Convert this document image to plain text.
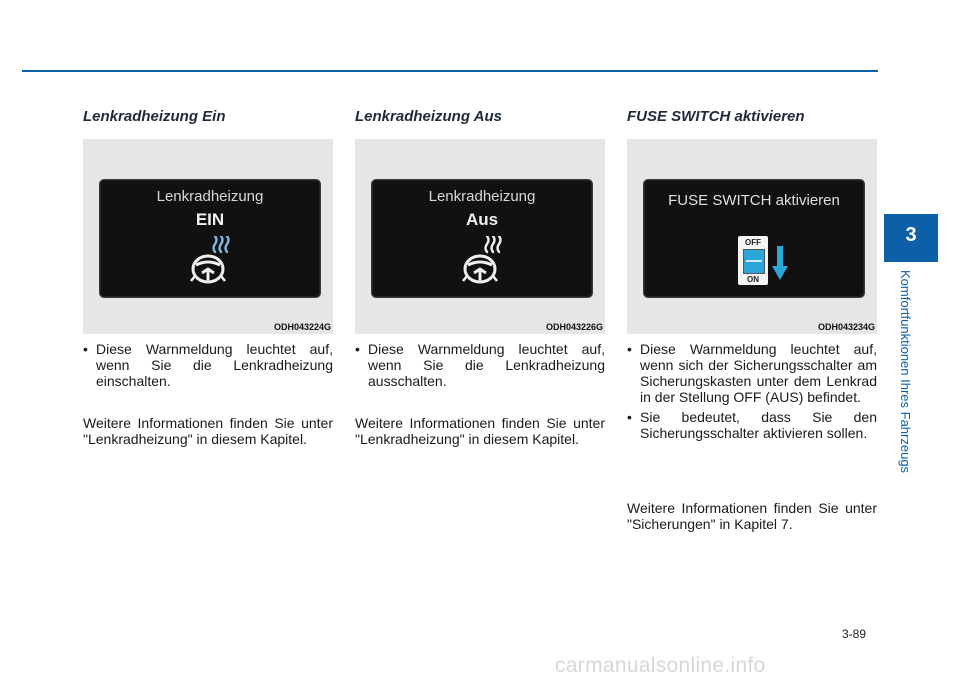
Lenkradheizung Ein
Lenkradheizung
EIN
ODH043224G
• Diese Warnmeldung leuchtet auf, wenn Sie die Lenkradheizung einschalten.

Weitere Informationen finden Sie unter "Lenkradheizung" in diesem Kapitel.

Lenkradheizung Aus
Lenkradheizung
Aus
ODH043226G
• Diese Warnmeldung leuchtet auf, wenn Sie die Lenkradheizung ausschalten.

Weitere Informationen finden Sie unter "Lenkradheizung" in diesem Kapitel.

FUSE SWITCH aktivieren
FUSE SWITCH aktivieren
OFF
ON
ODH043234G
• Diese Warnmeldung leuchtet auf, wenn sich der Sicherungsschalter am Sicherungskasten unter dem Lenkrad in der Stellung OFF (AUS) befindet.
• Sie bedeutet, dass Sie den Sicherungsschalter aktivieren sollen.

Weitere Informationen finden Sie unter "Sicherungen" in Kapitel 7.

3
Komfortfunktionen Ihres Fahrzeugs
3-89
carmanualsonline.info
